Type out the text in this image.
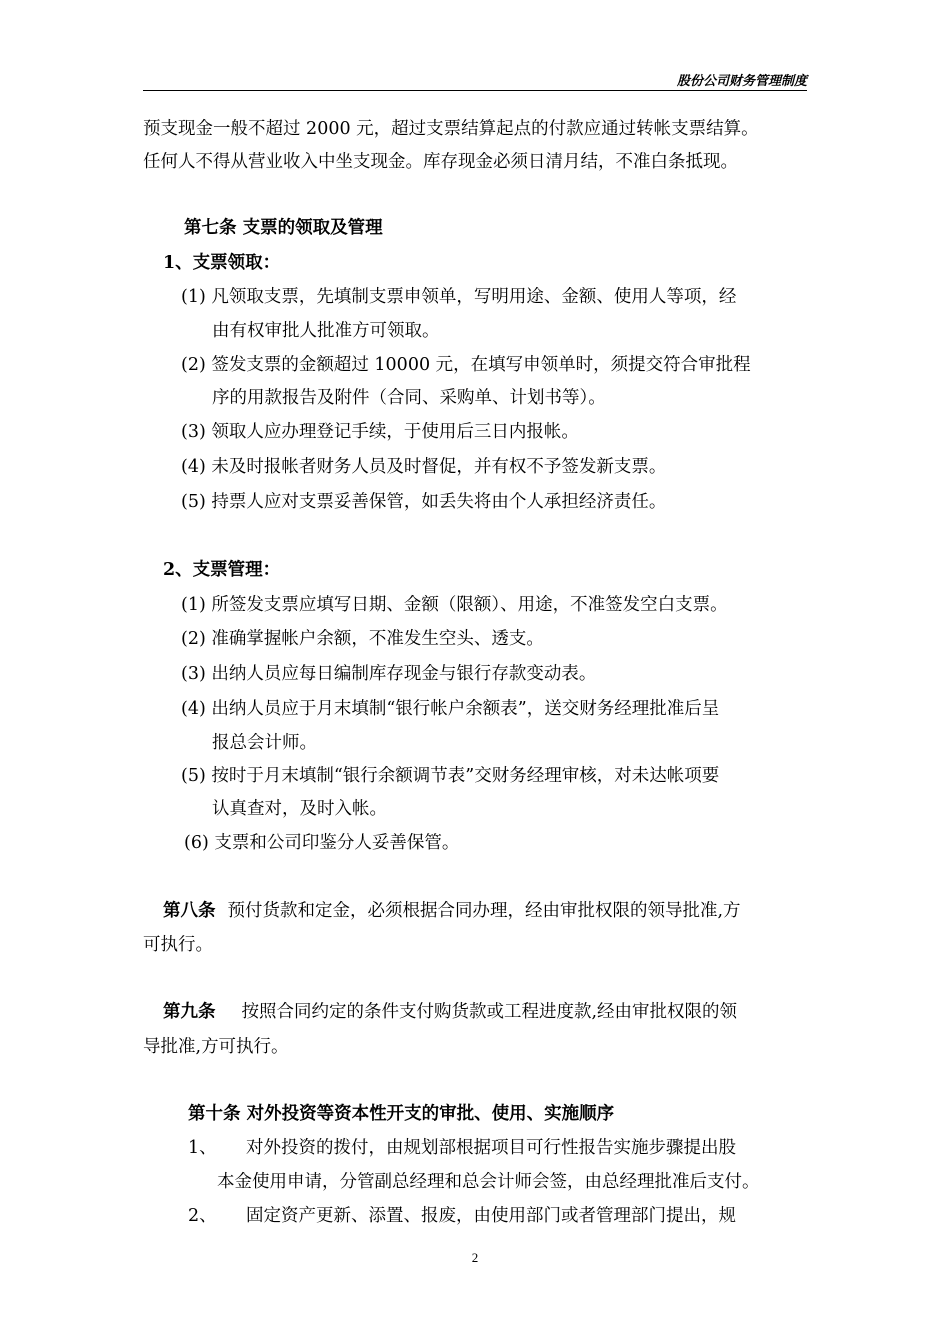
股份公司财务管理制度
预支现金一般不超过 2000 元，超过支票结算起点的付款应通过转帐支票结算。
任何人不得从营业收入中坐支现金。库存现金必须日清月结，不准白条抵现。
第七条 支票的领取及管理
1、支票领取：
(1) 凡领取支票，先填制支票申领单，写明用途、金额、使用人等项，经
由有权审批人批准方可领取。
(2) 签发支票的金额超过 10000 元，在填写申领单时，须提交符合审批程
序的用款报告及附件（合同、采购单、计划书等）。
(3) 领取人应办理登记手续，于使用后三日内报帐。
(4) 未及时报帐者财务人员及时督促，并有权不予签发新支票。
(5) 持票人应对支票妥善保管，如丢失将由个人承担经济责任。
2、支票管理：
(1) 所签发支票应填写日期、金额（限额）、用途，不准签发空白支票。
(2) 准确掌握帐户余额，不准发生空头、透支。
(3) 出纳人员应每日编制库存现金与银行存款变动表。
(4) 出纳人员应于月末填制“银行帐户余额表”，送交财务经理批准后呈
报总会计师。
(5) 按时于月末填制“银行余额调节表”交财务经理审核，对未达帐项要
认真查对，及时入帐。
(6) 支票和公司印鉴分人妥善保管。
第八条 预付货款和定金，必须根据合同办理，经由审批权限的领导批准,方
可执行。
第九条 按照合同约定的条件支付购货款或工程进度款,经由审批权限的领
导批准,方可执行。
第十条 对外投资等资本性开支的审批、使用、实施顺序
1、 对外投资的拨付，由规划部根据项目可行性报告实施步骤提出股
本金使用申请，分管副总经理和总会计师会签，由总经理批准后支付。
2、 固定资产更新、添置、报废，由使用部门或者管理部门提出，规
2
